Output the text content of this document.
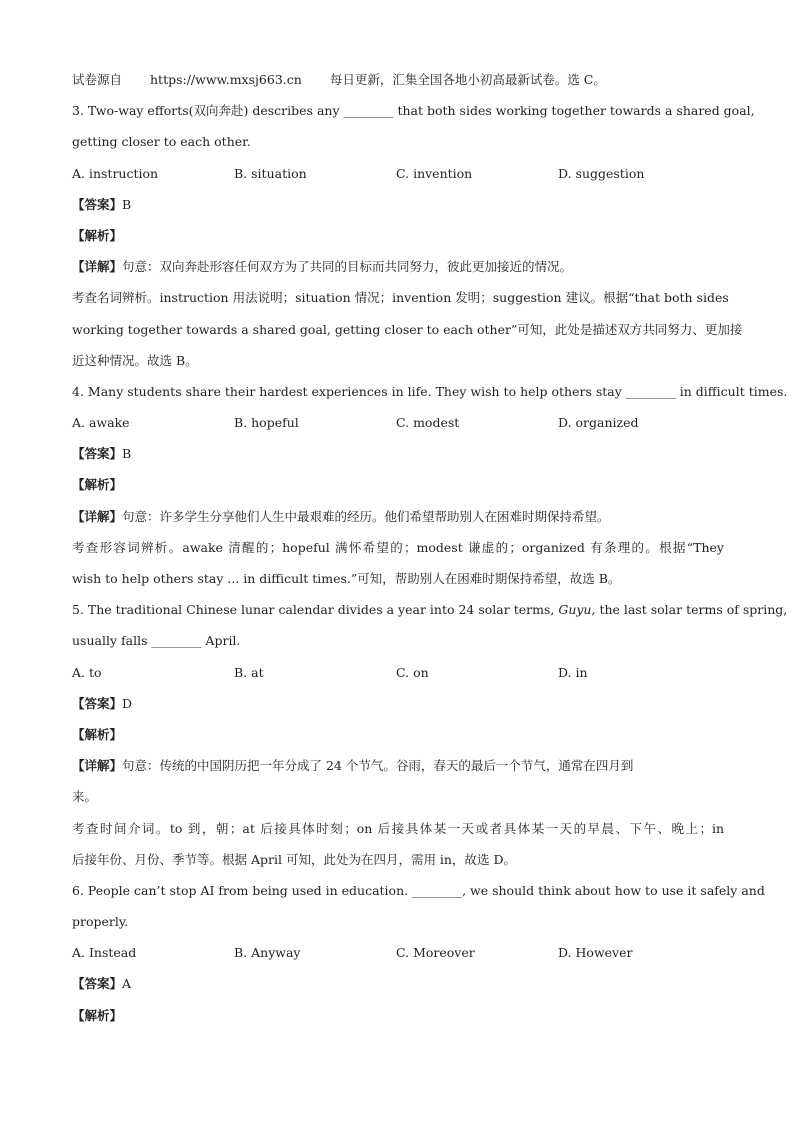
试卷源自 https://www.mxsj663.cn 每日更新，汇集全国各地小初高最新试卷。选 C。
3. Two-way efforts(双向奔赴) describes any ________ that both sides working together towards a shared goal,
getting closer to each other.
A. instruction	B. situation	C. invention	D. suggestion
【答案】B
【解析】
【详解】句意：双向奔赴形容任何双方为了共同的目标而共同努力，彼此更加接近的情况。
考查名词辨析。instruction 用法说明；situation 情况；invention 发明；suggestion 建议。根据“that both sides
working together towards a shared goal, getting closer to each other”可知，此处是描述双方共同努力、更加接
近这种情况。故选 B。
4. Many students share their hardest experiences in life. They wish to help others stay ________ in difficult times.
A. awake	B. hopeful	C. modest	D. organized
【答案】B
【解析】
【详解】句意：许多学生分享他们人生中最艰难的经历。他们希望帮助别人在困难时期保持希望。
考查形容词辨析。awake 清醒的；hopeful 满怀希望的；modest 谦虚的；organized 有条理的。根据“They
wish to help others stay ... in difficult times.”可知，帮助别人在困难时期保持希望，故选 B。
5. The traditional Chinese lunar calendar divides a year into 24 solar terms, Guyu, the last solar terms of spring,
usually falls ________ April.
A. to	B. at	C. on	D. in
【答案】D
【解析】
【详解】句意：传统的中国阴历把一年分成了 24 个节气。谷雨，春天的最后一个节气，通常在四月到
来。
考查时间介词。to 到，朝；at 后接具体时刻；on 后接具体某一天或者具体某一天的早晨、下午、晚上；in
后接年份、月份、季节等。根据 April 可知，此处为在四月，需用 in，故选 D。
6. People can’t stop AI from being used in education. ________, we should think about how to use it safely and
properly.
A. Instead	B. Anyway	C. Moreover	D. However
【答案】A
【解析】
